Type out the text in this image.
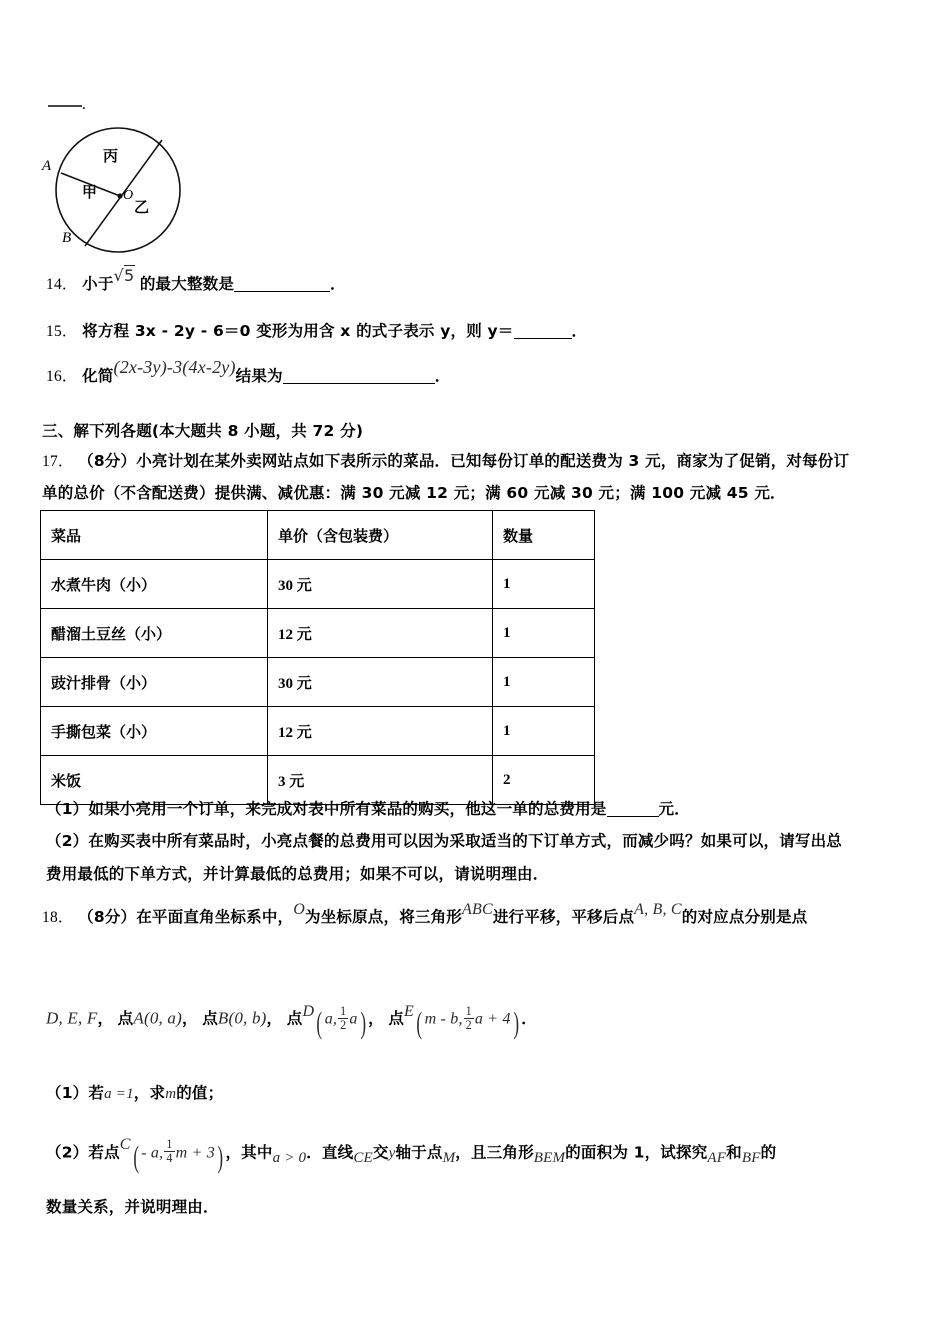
.
A
B
O
甲
乙
丙
14． 小于√5 的最大整数是	．
15． 将方程 3x - 2y - 6＝0 变形为用含 x 的式子表示 y，则 y＝	．
16． 化简(2x-3y)-3(4x-2y)结果为	．
三、解下列各题(本大题共 8 小题，共 72 分)
17． （8分）小亮计划在某外卖网站点如下表所示的菜品．已知每份订单的配送费为 3 元，商家为了促销，对每份订
单的总价（不含配送费）提供满、减优惠：满 30 元减 12 元；满 60 元减 30 元；满 100 元减 45 元．
菜品	单价（含包装费）	数量
水煮牛肉（小）	30 元	1
醋溜土豆丝（小）	12 元	1
豉汁排骨（小）	30 元	1
手撕包菜（小）	12 元	1
米饭	3 元	2
（1）如果小亮用一个订单，来完成对表中所有菜品的购买，他这一单的总费用是	元．
（2）在购买表中所有菜品时，小亮点餐的总费用可以因为采取适当的下订单方式，而减少吗？如果可以，请写出总
费用最低的下单方式，并计算最低的总费用；如果不可以，请说明理由．
18． （8分）在平面直角坐标系中，O为坐标原点，将三角形ABC进行平移，平移后点A, B, C的对应点分别是点
D, E, F， 点A(0, a)， 点B(0, b)， 点D( a, $\frac{1}{2} a$) ， 点E( m - b, $\frac{1}{2}$ a + 4) ．
（1）若a =1，求m的值；
（2）若点C( - a, $\frac{1}{4}$ m + 3) ，其中a > 0．直线CE交y轴于点M，且三角形BEM的面积为 1，试探究AF和BF的
数量关系，并说明理由．
